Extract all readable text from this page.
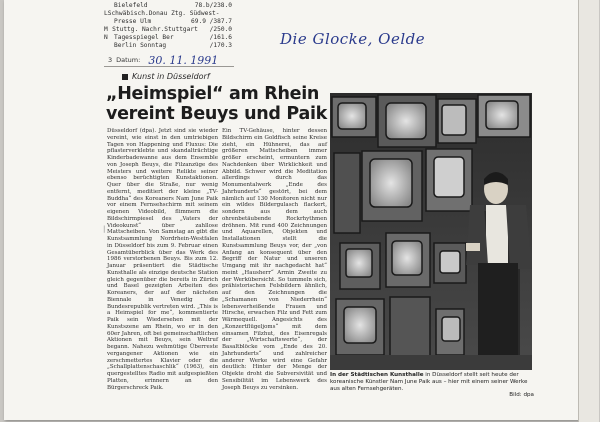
Bielefeld	78.b/238.0
L Schwäbisch.Donau Ztg. Südwest-
Presse Ulm	69.9 /387.7
M Stuttg. Nachr.Stuttgart	/250.0
N	Tagesspiegel Ber	/161.6
Berlin Sonntag	/170.3
3 Datum: 30. 11. 1991
Die Glocke, Oelde
Kunst in Düsseldorf
„Heimspiel“ am Rhein vereint Beuys und Paik
Düsseldorf (dpa). Jetzt sind sie wieder vereint, wie einst in den umtriebigen Tagen von Happening und Fluxus: Die pflasterverklebte und skandalträchtige Kinderbadewanne aus dem Ensemble von Joseph Beuys, die Filzanzüge des Meisters und weitere Relikte seiner ebenso berüchtigten Kunstaktionen. Quer über die Straße, nur wenig entfernt, meditiert der kleine „TV-Buddha“ des Koreaners Nam June Paik vor einem Fernsehschirm mit seinem eigenen Videobild, flimmern die Bildschirmpiesel des „Vaters der Videokunst“ über zahllose Mattscheiben. Von Samstag an gibt die Kunstsammlung Nordrhein-Westfalen in Düsseldorf bis zum 9. Februar einen Gesamtüberblick über das Werk des 1986 verstorbenen Beuys. Bis zum 12. Januar präsentiert die Städtische Kunsthalle als einzige deutsche Station gleich gegenüber die bereits in Zürich und Basel gezeigten Arbeiten des Koreaners, der auf der nächsten Biennale in Venedig die Bundesrepublik vertreten wird. „This is a Heimspiel for me“, kommentierte Paik sein Wiedersehen mit der Kunstszene am Rhein, wo er in den 60er Jahren, oft bei gemeinschaftlichen Aktionen mit Beuys, sein Weltruf begann. Nahezu wehmütige Überreste vergangener Aktionen wie ein zerschmettertes Klavier oder die „Schallplattenschaschlik“ (1963), ein quergestelltes Radio mit aufgespießten Platten, erinnern an den Bürgerschreck Paik.
Ein TV-Gehäuse, hinter dessen Bildschirm ein Goldfisch seine Kreise zieht, ein Hühnerei, das auf größeren Mattscheiben immer größer erscheint, ermuntern zum Nachdenken über Wirklichkeit und Abbild. Schwer wird die Meditation allerdings durch das Monumentalwerk „Ende des Jahrhunderts“ gestört, bei dem nämlich auf 130 Monitoren nicht nur ein wildes Bildergulasch flackert, sondern aus dem auch ohrenbetäubende Rockrhythmen dröhnen. Mit rund 400 Zeichnungen und Aquarellen, Objekten und Installationen stellt die Kunstsammlung Beuys vor, der „von Anfang an konsequent über den Begriff der Natur und unseren Umgang mit ihr nachgedacht hat“ meint „Hausherr“ Armin Zweite zu der Werkübersicht. So tummeln sich, prähistorischen Felsbildern ähnlich, auf den Zeichnungen die „Schamanen von Niederrhein“ lebensverheißende Frauen und Hirsche, erwachen Filz und Fett zum Wärmequell. Angesichts des „Konzertflügeljoms“ mit dem einsamen Filzhut, des Eisenregals der „Wirtschaftswerte“, der Basaltblöcke vom „Ende des 20. Jahrhunderts“ und zahlreicher anderer Werke wird eine Gefahr deutlich: Hinter der Menge der Objekte droht die Subversivität und Sensibilität im Lebenswerk des Joseph Beuys zu versinken.
In der Städtischen Kunsthalle in Düsseldorf stellt seit heute der koreanische Künstler Nam June Paik aus – hier mit einem seiner Werke aus alten Fernsehgeräten.
Bild: dpa
|
